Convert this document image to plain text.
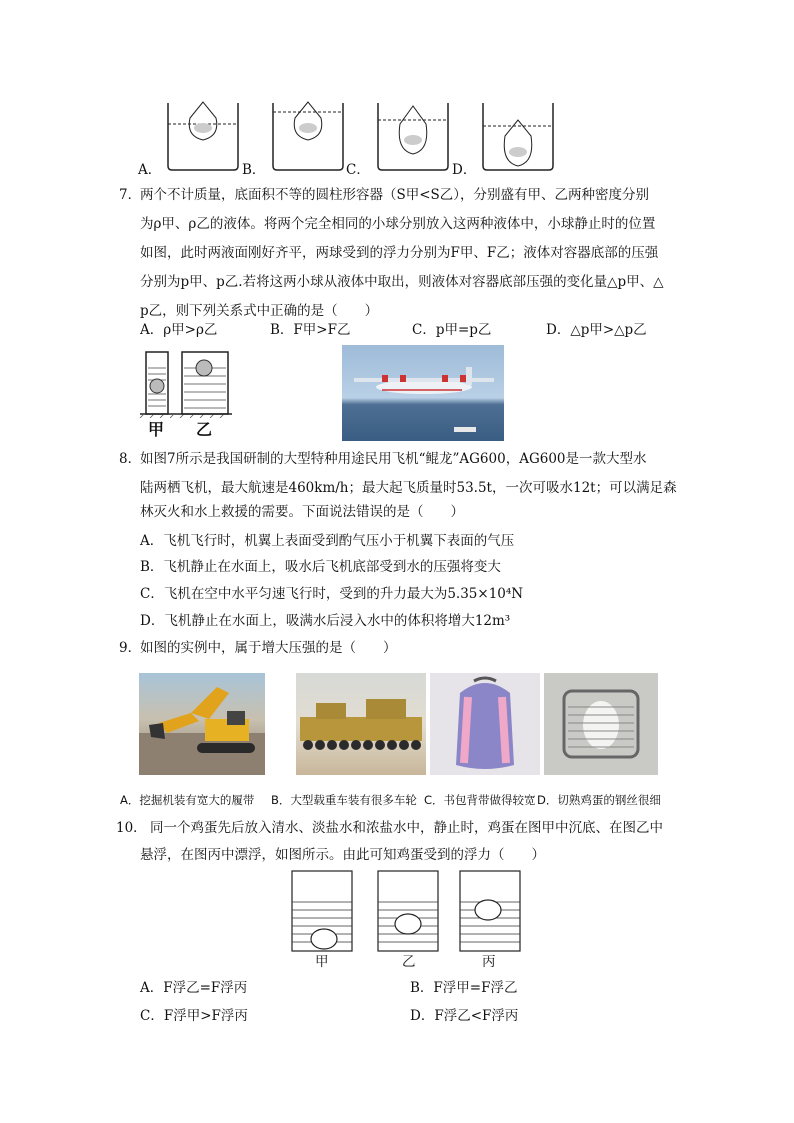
A．	B．	C．	D．
7．
两个不计质量，底面积不等的圆柱形容器（S甲<S乙），分别盛有甲、乙两种密度分别
为ρ甲、ρ乙的液体。将两个完全相同的小球分别放入这两种液体中，小球静止时的位置
如图，此时两液面刚好齐平，两球受到的浮力分别为F甲、F乙；液体对容器底部的压强
分别为p甲、p乙.若将这两小球从液体中取出，则液体对容器底部压强的变化量△p甲、△
p乙，则下列关系式中正确的是（　　）
A．ρ甲>ρ乙	B．F甲>F乙	C．p甲=p乙	D．△p甲>△p乙
甲 乙
8．
如图7所示是我国研制的大型特种用途民用飞机“鲲龙”AG600，AG600是一款大型水
陆两栖飞机，最大航速是460km/h；最大起飞质量时53.5t，一次可吸水12t；可以满足森
林灭火和水上救援的需要。下面说法错误的是（　　）
A．飞机飞行时，机翼上表面受到酌气压小于机翼下表面的气压
B．飞机静止在水面上，吸水后飞机底部受到水的压强将变大
C．飞机在空中水平匀速飞行时，受到的升力最大为5.35×10⁴N
D．飞机静止在水面上，吸满水后浸入水中的体积将增大12m³
9．
如图的实例中，属于增大压强的是（　　）
A．挖掘机装有宽大的履带 B．大型载重车装有很多车轮 C．书包背带做得较宽 D．切熟鸡蛋的钢丝很细
10． 同一个鸡蛋先后放入清水、淡盐水和浓盐水中，静止时，鸡蛋在图甲中沉底、在图乙中
悬浮，在图丙中漂浮，如图所示。由此可知鸡蛋受到的浮力（　　）
甲	乙	丙
A．F浮乙=F浮丙	B．F浮甲=F浮乙
C．F浮甲>F浮丙	D．F浮乙<F浮丙
